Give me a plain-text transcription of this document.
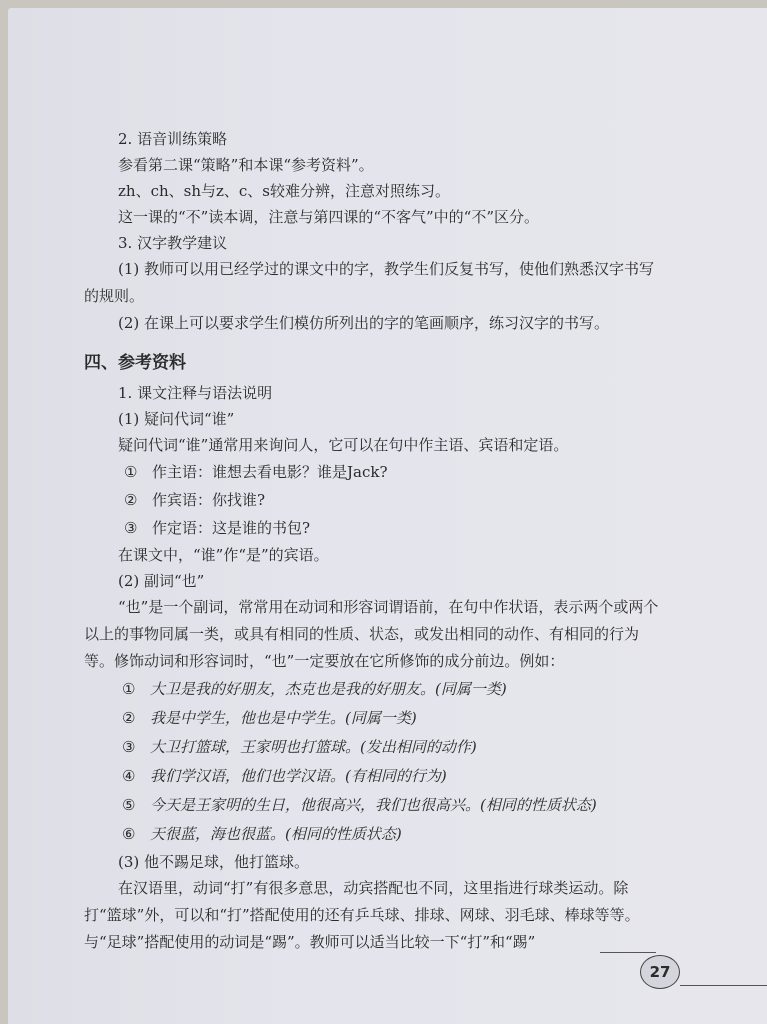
2. 语音训练策略

参看第二课“策略”和本课“参考资料”。

zh、ch、sh与z、c、s较难分辨，注意对照练习。

这一课的“不”读本调，注意与第四课的“不客气”中的“不”区分。

3. 汉字教学建议

(1) 教师可以用已经学过的课文中的字，教学生们反复书写，使他们熟悉汉字书写的规则。

(2) 在课上可以要求学生们模仿所列出的字的笔画顺序，练习汉字的书写。

四、参考资料

1. 课文注释与语法说明

(1) 疑问代词“谁”

疑问代词“谁”通常用来询问人，它可以在句中作主语、宾语和定语。

① 作主语：谁想去看电影？谁是Jack?
② 作宾语：你找谁?
③ 作定语：这是谁的书包?

在课文中，“谁”作“是”的宾语。

(2) 副词“也”

“也”是一个副词，常常用在动词和形容词谓语前，在句中作状语，表示两个或两个以上的事物同属一类，或具有相同的性质、状态，或发出相同的动作、有相同的行为等。修饰动词和形容词时，“也”一定要放在它所修饰的成分前边。例如：

① 大卫是我的好朋友，杰克也是我的好朋友。(同属一类)
② 我是中学生，他也是中学生。(同属一类)
③ 大卫打篮球，王家明也打篮球。(发出相同的动作)
④ 我们学汉语，他们也学汉语。(有相同的行为)
⑤ 今天是王家明的生日，他很高兴，我们也很高兴。(相同的性质状态)
⑥ 天很蓝，海也很蓝。(相同的性质状态)

(3) 他不踢足球，他打篮球。

在汉语里，动词“打”有很多意思，动宾搭配也不同，这里指进行球类运动。除打“篮球”外，可以和“打”搭配使用的还有乒乓球、排球、网球、羽毛球、棒球等等。与“足球”搭配使用的动词是“踢”。教师可以适当比较一下“打”和“踢”

27
